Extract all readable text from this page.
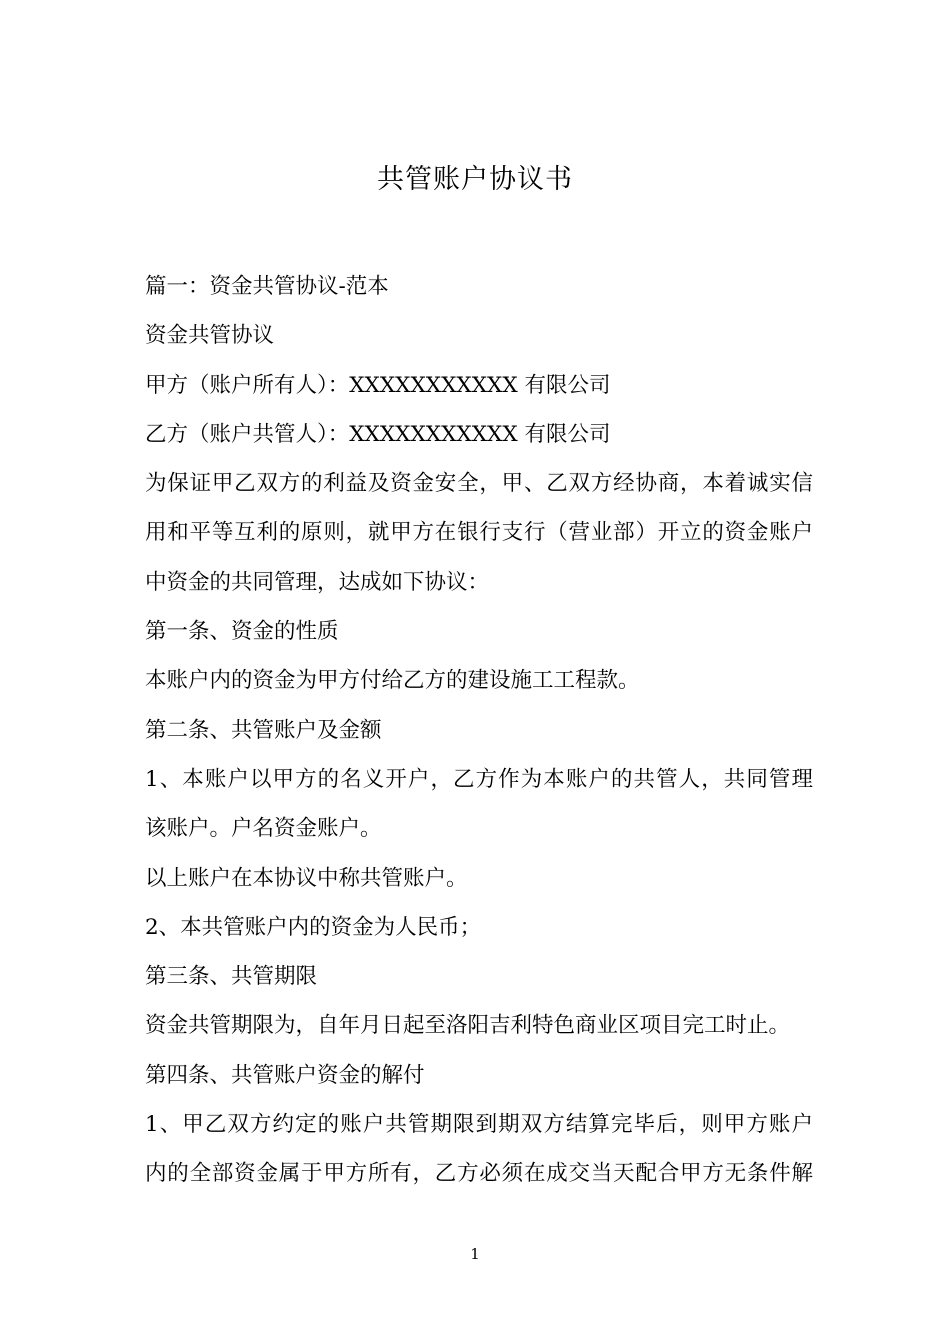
共管账户协议书
篇一：资金共管协议-范本
资金共管协议
甲方（账户所有人）：XXXXXXXXXXX 有限公司
乙方（账户共管人）：XXXXXXXXXXX 有限公司
为保证甲乙双方的利益及资金安全，甲、乙双方经协商，本着诚实信
用和平等互利的原则，就甲方在银行支行（营业部）开立的资金账户
中资金的共同管理，达成如下协议：
第一条、资金的性质
本账户内的资金为甲方付给乙方的建设施工工程款。
第二条、共管账户及金额
1、本账户以甲方的名义开户，乙方作为本账户的共管人，共同管理
该账户。户名资金账户。
以上账户在本协议中称共管账户。
2、本共管账户内的资金为人民币；
第三条、共管期限
资金共管期限为，自年月日起至洛阳吉利特色商业区项目完工时止。
第四条、共管账户资金的解付
1、甲乙双方约定的账户共管期限到期双方结算完毕后，则甲方账户
内的全部资金属于甲方所有，乙方必须在成交当天配合甲方无条件解
1
